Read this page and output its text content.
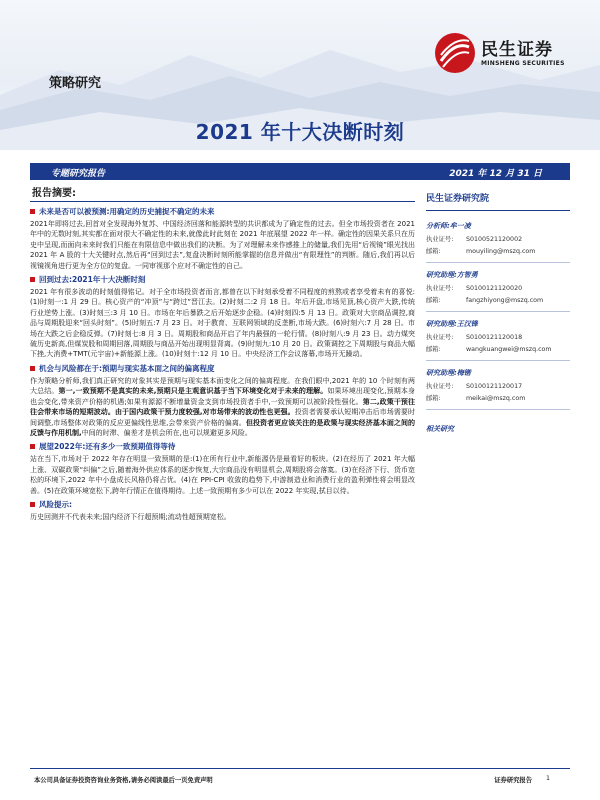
民生证券
MINSHENG SECURITIES
策略研究
2021 年十大决断时刻
专题研究报告	2021 年 12 月 31 日
报告摘要:
未来是否可以被预测:用确定的历史捕捉不确定的未来
2021年即将过去,回首对全发现海外复苏、中国经济回落和能源转型的共识都成为了确定性的过去。但全市场投资者在 2021 年中的无数时刻,其实都在面对很大不确定性的未来,就像此时此刻在 2021 年底展望 2022 年一样。确定性的因果关系只在历史中呈现,而面向未来时我们只能在有限信息中做出我们的决断。为了对理解未来作感推上的储量,我们先用“后视镜”眼光找出 2021 年 A 股的十大关键时点,然后再“回到过去”,复盘决断时刻所能掌握的信息并做出“有限理性”的判断。随后,我们再以后视镜视角进行更为全方位的复盘。一同审视那个应对不确定性的自己。
回到过去:2021年十大决断时刻
2021 年有很多波动的时刻值得铭记。对于全市场投资者而言,都曾在以下时刻承受着不同程度的煎熬或者享受着未有的喜悦:(1)时刻一:1 月 29 日。核心资产的“冲顶”与“跨过”晋江去。(2)时刻二:2 月 18 日。年后开盘,市场见顶,核心资产大跌,传统行业逆势上涨。(3)时刻三:3 月 10 日。市场在年后暴跌之后开始逐步企稳。(4)时刻四:5 月 13 日。政策对大宗商品调控,商品与周期股迎来“回头时刻”。(5)时刻五:7 月 23 日。对于教育、互联网领域的反垄断,市场大跌。(6)时刻六:7 月 28 日。市场在大跌之后企稳反弹。(7)时刻七:8 月 3 日。周期股和商品开启了年内最强的一轮行情。(8)时刻八:9 月 23 日。动力煤突破历史新高,但煤炭股和周期回落,周期股与商品开始出现明显背离。(9)时刻九:10 月 20 日。政策调控之下周期股与商品大幅下挫,大消费+TMT(元宇宙)+新能源上涨。(10)时刻十:12 月 10 日。中央经济工作会议落幕,市场开无躁动。
机会与风险都在于:预期与现实基本面之间的偏离程度
作为策略分析师,我们真正研究的对象其实是预期与现实基本面变化之间的偏离程度。在我们眼中,2021 年的 10 个时刻有两大总结。第一,一致预期不是真实的未来,预期只是主观意识基于当下环境变化对于未来的理解。如果环境出现变化,预期本身也会变化,带来资产价格的机遇;如果有源源不断增量资金支到市场投资者手中,一致预期可以被阶段性强化。第二,政策干预往往会带来市场的短期波动。由于国内政策干预力度较强,对市场带来的波动性也更强。投资者需要承认短期冲击后市场需要时间调整,市场整体对政策的反应更偏线性思维,会带来资产价格的偏离。但投资者更应该关注的是政策与现实经济基本面之间的反馈与作用机制,中间的时滞、偏差才是机会所在,也可以规避更多风险。
展望2022年:还有多少一致预期值得等待
站在当下,市场对于 2022 年存在明显一致预期的是:(1)在所有行业中,新能源仍是最看好的板块。(2)在经历了 2021 年大幅上涨、双碳政策“纠偏”之后,随着海外供应体系的逐步恢复,大宗商品没有明显机会,周期股将会落寞。(3)在经济下行、货币宽松的环境下,2022 年中小盘成长风格仍将占优。(4)在 PPI-CPI 收敛的趋势下,中游制造业和消费行业的盈利弹性将会明显改善。(5)在政策环境宽松下,跨年行情正在值得期待。上述一致预期有多少可以在 2022 年实现,拭目以待。
风险提示:
历史回测并不代表未来;国内经济下行超预期;流动性超预期宽松。
民生证券研究院
分析师:牟一凌
执业证号:	S0100521120002
邮箱:	mouyiling@mszq.com
研究助理:方智勇
执业证号:	S0100121120020
邮箱:	fangzhiyong@mszq.com
研究助理:王汉锋
执业证号:	S0100121120018
邮箱:	wangkuangwei@mszq.com
研究助理:梅锴
执业证号:	S0100121120017
邮箱:	meikai@mszq.com
相关研究
本公司具备证券投资咨询业务资格,请务必阅读最后一页免责声明	证券研究报告 1
